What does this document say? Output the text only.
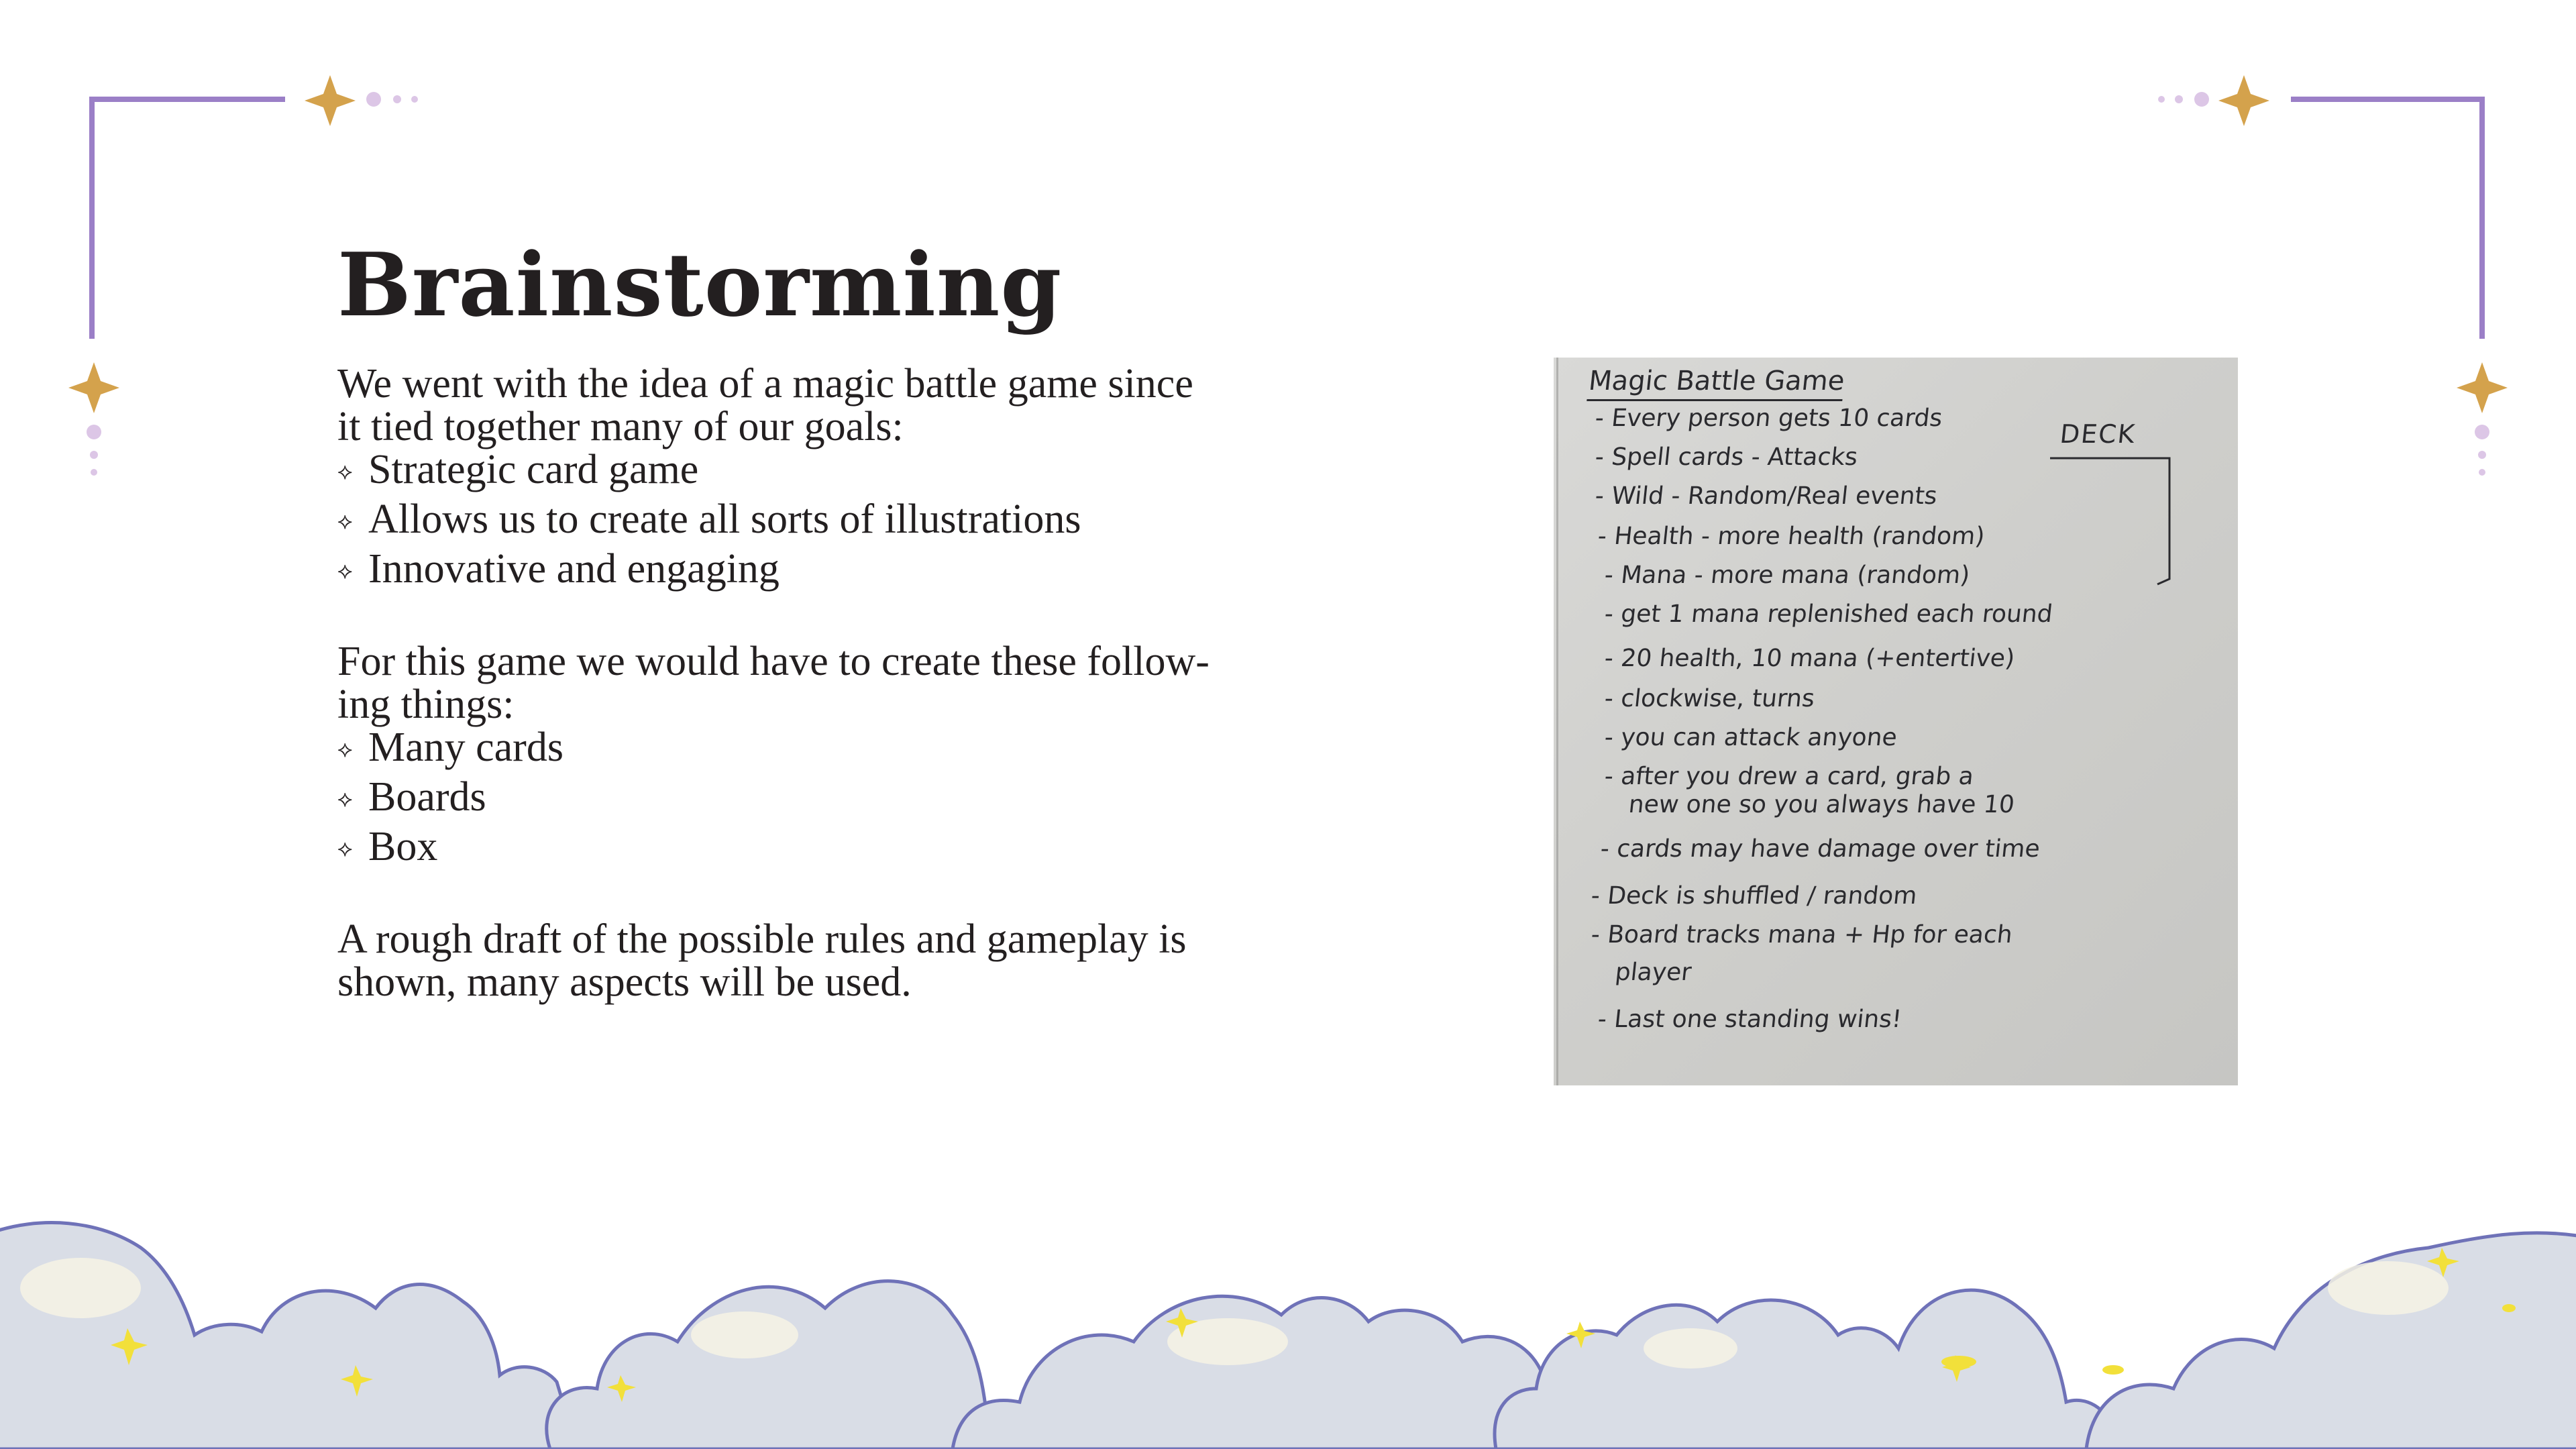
Brainstorming

We went with the idea of a magic battle game since

it tied together many of our goals:

⟡ Strategic card game
⟡ Allows us to create all sorts of illustrations
⟡ Innovative and engaging

For this game we would have to create these follow-

ing things:

⟡ Many cards
⟡ Boards
⟡ Box

A rough draft of the possible rules and gameplay is

shown, many aspects will be used.

Magic Battle Game
DECK
- Every person gets 10 cards
- Spell cards - Attacks
- Wild - Random/Real events
- Health - more health (random)
- Mana - more mana (random)
- get 1 mana replenished each round
- 20 health, 10 mana (+entertive)
- clockwise, turns
- you can attack anyone
- after you drew a card, grab a
new one so you always have 10
- cards may have damage over time
- Deck is shuffled / random
- Board tracks mana + Hp for each
player
- Last one standing wins!
